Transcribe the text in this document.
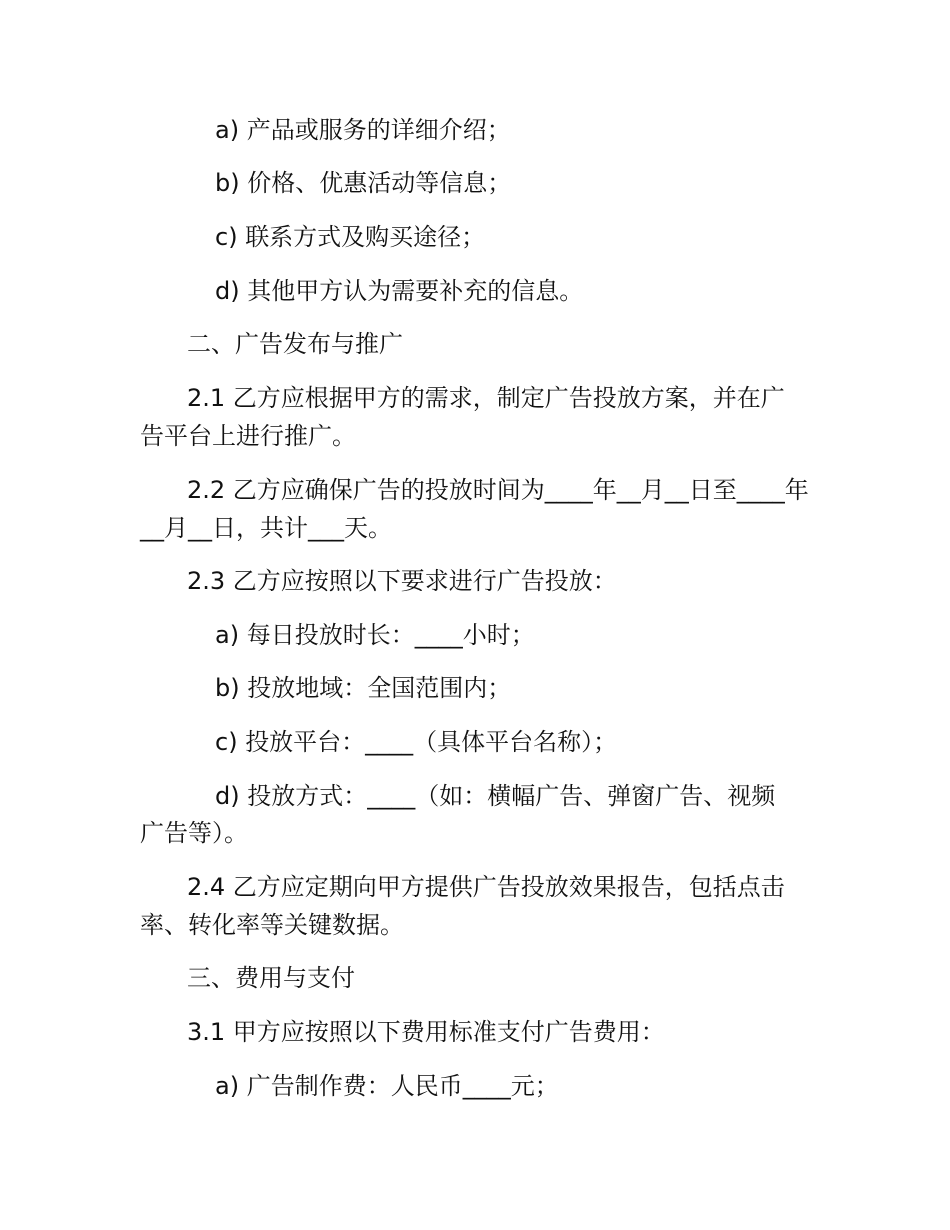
a) 产品或服务的详细介绍；
b) 价格、优惠活动等信息；
c) 联系方式及购买途径；
d) 其他甲方认为需要补充的信息。
二、广告发布与推广
2.1 乙方应根据甲方的需求，制定广告投放方案，并在广
告平台上进行推广。
2.2 乙方应确保广告的投放时间为____年__月__日至____年
__月__日，共计___天。
2.3 乙方应按照以下要求进行广告投放：
a) 每日投放时长：____小时；
b) 投放地域：全国范围内；
c) 投放平台：____（具体平台名称）；
d) 投放方式：____（如：横幅广告、弹窗广告、视频
广告等）。
2.4 乙方应定期向甲方提供广告投放效果报告，包括点击
率、转化率等关键数据。
三、费用与支付
3.1 甲方应按照以下费用标准支付广告费用：
a) 广告制作费：人民币____元；
